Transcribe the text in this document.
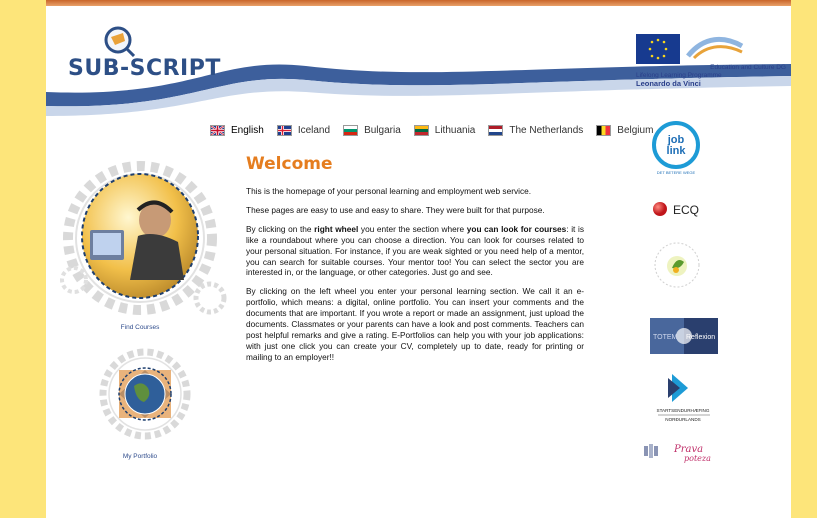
SUB-SCRIPT	Education and Culture DG
Lifelong Learning Programme
Leonardo da Vinci
English	Iceland	Bulgaria	Lithuania	The Netherlands	Belgium
Find Courses
My Portfolio
Welcome

This is the homepage of your personal learning and employment web service.

These pages are easy to use and easy to share. They were built for that purpose.

By clicking on the right wheel you enter the section where you can look for courses: it is like a roundabout where you can choose a direction. You can look for courses related to your personal situation. For instance, if you are weak sighted or you need help of a mentor, you can search for suitable courses. Your mentor too! You can select the sector you are interested in, or the language, or other categories. Just go and see.

By clicking on the left wheel you enter your personal learning section. We call it an e-portfolio, which means: a digital, online portfolio. You can insert your comments and the documents that are important. If you wrote a report or made an assignment, just upload the documents. Classmates or your parents can have a look and post comments. Teachers can post helpful remarks and give a rating. E-Portfolios can help you with your job applications: with just one click you can create your CV, completely up to date, ready for printing or mailing to an employer!!

job
link
DET BETERE WEGE
ECQ
TOTEM Reflexion
STARTSENDURHÆFING
NORÐURLANDS
Prava
poteza
